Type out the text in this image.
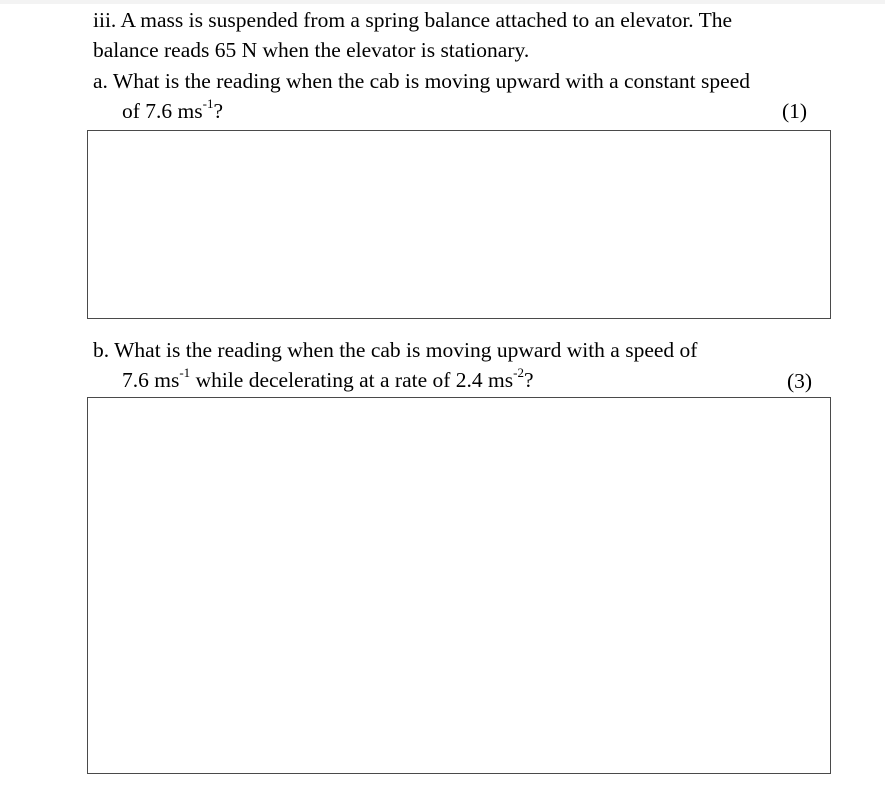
iii. A mass is suspended from a spring balance attached to an elevator. The
balance reads 65 N when the elevator is stationary.
a. What is the reading when the cab is moving upward with a constant speed
of 7.6 $ms^{-1}$?	(1)
b. What is the reading when the cab is moving upward with a speed of
7.6 $ms^{-1}$ while decelerating at a rate of 2.4 $ms^{-2}$?	(3)
